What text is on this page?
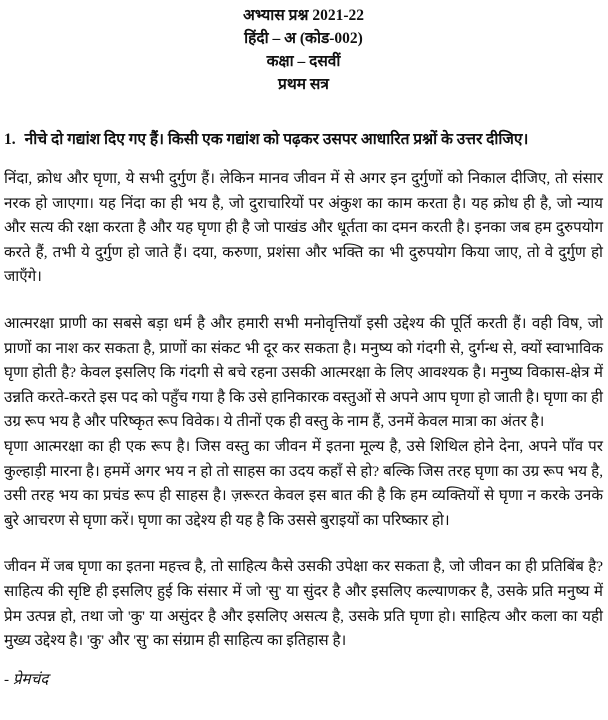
अभ्यास प्रश्न 2021-22
हिंदी – अ (कोड-002)
कक्षा – दसवीं
प्रथम सत्र
1. नीचे दो गद्यांश दिए गए हैं। किसी एक गद्यांश को पढ़कर उसपर आधारित प्रश्नों के उत्तर दीजिए।

निंदा, क्रोध और घृणा, ये सभी दुर्गुण हैं। लेकिन मानव जीवन में से अगर इन दुर्गुणों को निकाल दीजिए, तो संसार नरक हो जाएगा। यह निंदा का ही भय है, जो दुराचारियों पर अंकुश का काम करता है। यह क्रोध ही है, जो न्याय और सत्य की रक्षा करता है और यह घृणा ही है जो पाखंड और धूर्तता का दमन करती है। इनका जब हम दुरुपयोग करते हैं, तभी ये दुर्गुण हो जाते हैं। दया, करुणा, प्रशंसा और भक्ति का भी दुरुपयोग किया जाए, तो वे दुर्गुण हो जाएँगे।

आत्मरक्षा प्राणी का सबसे बड़ा धर्म है और हमारी सभी मनोवृत्तियाँ इसी उद्देश्य की पूर्ति करती हैं। वही विष, जो प्राणों का नाश कर सकता है, प्राणों का संकट भी दूर कर सकता है। मनुष्य को गंदगी से, दुर्गन्ध से, क्यों स्वाभाविक घृणा होती है? केवल इसलिए कि गंदगी से बचे रहना उसकी आत्मरक्षा के लिए आवश्यक है। मनुष्य विकास-क्षेत्र में उन्नति करते-करते इस पद को पहुँच गया है कि उसे हानिकारक वस्तुओं से अपने आप घृणा हो जाती है। घृणा का ही उग्र रूप भय है और परिष्कृत रूप विवेक। ये तीनों एक ही वस्तु के नाम हैं, उनमें केवल मात्रा का अंतर है।

घृणा आत्मरक्षा का ही एक रूप है। जिस वस्तु का जीवन में इतना मूल्य है, उसे शिथिल होने देना, अपने पाँव पर कुल्हाड़ी मारना है। हममें अगर भय न हो तो साहस का उदय कहाँ से हो? बल्कि जिस तरह घृणा का उग्र रूप भय है, उसी तरह भय का प्रचंड रूप ही साहस है। ज़रूरत केवल इस बात की है कि हम व्यक्तियों से घृणा न करके उनके बुरे आचरण से घृणा करें। घृणा का उद्देश्य ही यह है कि उससे बुराइयों का परिष्कार हो।

जीवन में जब घृणा का इतना महत्त्व है, तो साहित्य कैसे उसकी उपेक्षा कर सकता है, जो जीवन का ही प्रतिबिंब है? साहित्य की सृष्टि ही इसलिए हुई कि संसार में जो 'सु' या सुंदर है और इसलिए कल्याणकर है, उसके प्रति मनुष्य में प्रेम उत्पन्न हो, तथा जो 'कु' या असुंदर है और इसलिए असत्य है, उसके प्रति घृणा हो। साहित्य और कला का यही मुख्य उद्देश्य है। 'कु' और 'सु' का संग्राम ही साहित्य का इतिहास है।

- प्रेमचंद
